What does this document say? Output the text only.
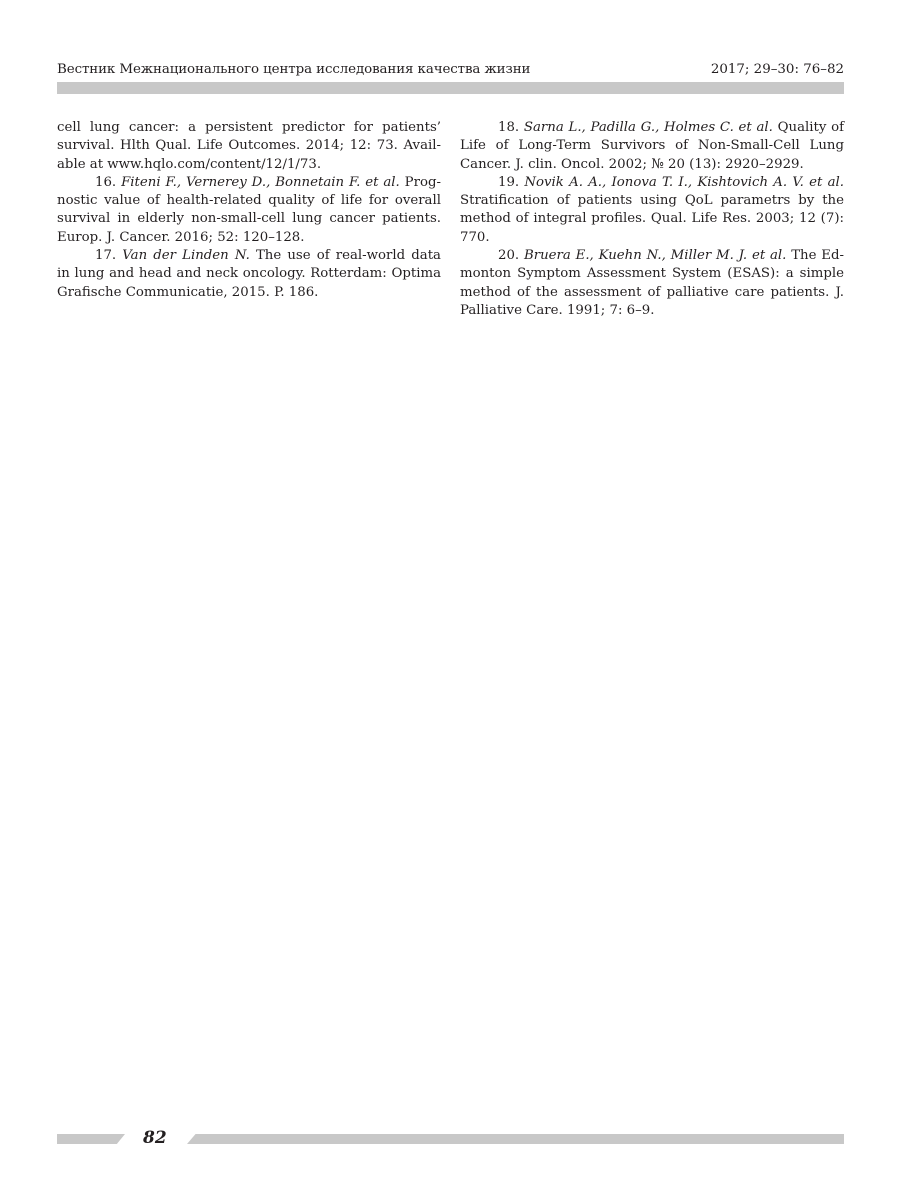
Вестник Межнационального центра исследования качества жизни	2017; 29–30: 76–82

cell lung cancer: a persistent predictor for patients’ survival. Hlth Qual. Life Outcomes. 2014; 12: 73. Available at www.hqlo.com/content/12/1/73.

16. Fiteni F., Vernerey D., Bonnetain F. et al. Prognostic value of health-related quality of life for overall survival in elderly non-small-cell lung cancer patients. Europ. J. Cancer. 2016; 52: 120–128.

17. Van der Linden N. The use of real-world data in lung and head and neck oncology. Rotterdam: Optima Grafische Communicatie, 2015. P. 186.

18. Sarna L., Padilla G., Holmes C. et al. Quality of Life of Long-Term Survivors of Non-Small-Cell Lung Cancer. J. clin. Oncol. 2002; № 20 (13): 2920–2929.

19. Novik A. A., Ionova T. I., Kishtovich A. V. et al. Stratification of patients using QoL parametrs by the method of integral profiles. Qual. Life Res. 2003; 12 (7): 770.

20. Bruera E., Kuehn N., Miller M. J. et al. The Edmonton Symptom Assessment System (ESAS): a simple method of the assessment of palliative care patients. J. Palliative Care. 1991; 7: 6–9.

82
